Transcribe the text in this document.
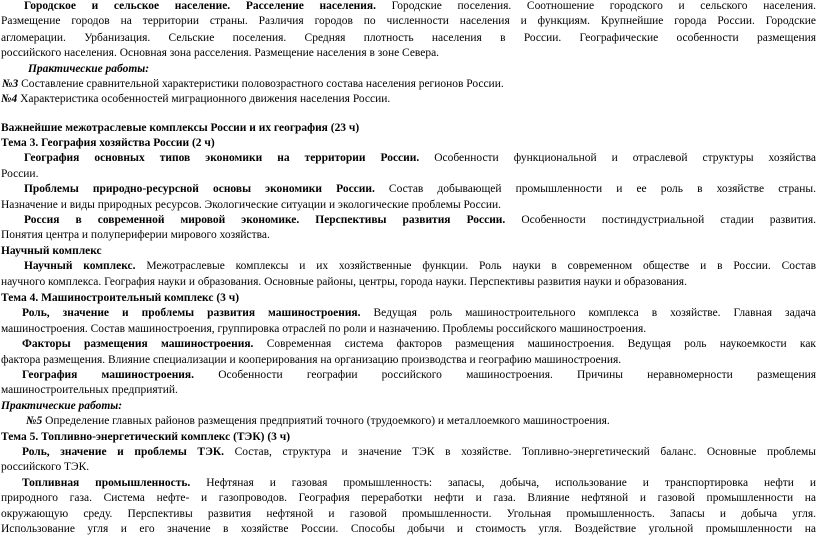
Городское и сельское население. Расселение населения. Городские поселения. Соотношение городского и сельского населения.
Размещение городов на территории страны. Различия городов по численности населения и функциям. Крупнейшие города России. Городские
агломерации. Урбанизация. Сельские поселения. Средняя плотность населения в России. Географические особенности размещения
российского населения. Основная зона расселения. Размещение населения в зоне Севера.
Практические работы:
№3 Составление сравнительной характеристики половозрастного состава населения регионов России.
№4 Характеристика особенностей миграционного движения населения России.
Важнейшие межотраслевые комплексы России и их география (23 ч)
Тема 3. География хозяйства России (2 ч)
География основных типов экономики на территории России. Особенности функциональной и отраслевой структуры хозяйства
России.
Проблемы природно-ресурсной основы экономики России. Состав добывающей промышленности и ее роль в хозяйстве страны.
Назначение и виды природных ресурсов. Экологические ситуации и экологические проблемы России.
Россия в современной мировой экономике. Перспективы развития России. Особенности постиндустриальной стадии развития.
Понятия центра и полупериферии мирового хозяйства.
Научный комплекс
Научный комплекс. Межотраслевые комплексы и их хозяйственные функции. Роль науки в современном обществе и в России. Состав
научного комплекса. География науки и образования. Основные районы, центры, города науки. Перспективы развития науки и образования.
Тема 4. Машиностроительный комплекс (3 ч)
Роль, значение и проблемы развития машиностроения. Ведущая роль машиностроительного комплекса в хозяйстве. Главная задача
машиностроения. Состав машиностроения, группировка отраслей по роли и назначению. Проблемы российского машиностроения.
Факторы размещения машиностроения. Современная система факторов размещения машиностроения. Ведущая роль наукоемкости как
фактора размещения. Влияние специализации и кооперирования на организацию производства и географию машиностроения.
География машиностроения. Особенности географии российского машиностроения. Причины неравномерности размещения
машиностроительных предприятий.
Практические работы:
№5 Определение главных районов размещения предприятий точного (трудоемкого) и металлоемкого машиностроения.
Тема 5. Топливно-энергетический комплекс (ТЭК) (3 ч)
Роль, значение и проблемы ТЭК. Состав, структура и значение ТЭК в хозяйстве. Топливно-энергетический баланс. Основные проблемы
российского ТЭК.
Топливная промышленность. Нефтяная и газовая промышленность: запасы, добыча, использование и транспортировка нефти и
природного газа. Система нефте- и газопроводов. География переработки нефти и газа. Влияние нефтяной и газовой промышленности на
окружающую среду. Перспективы развития нефтяной и газовой промышленности. Угольная промышленность. Запасы и добыча угля.
Использование угля и его значение в хозяйстве России. Способы добычи и стоимость угля. Воздействие угольной промышленности на
